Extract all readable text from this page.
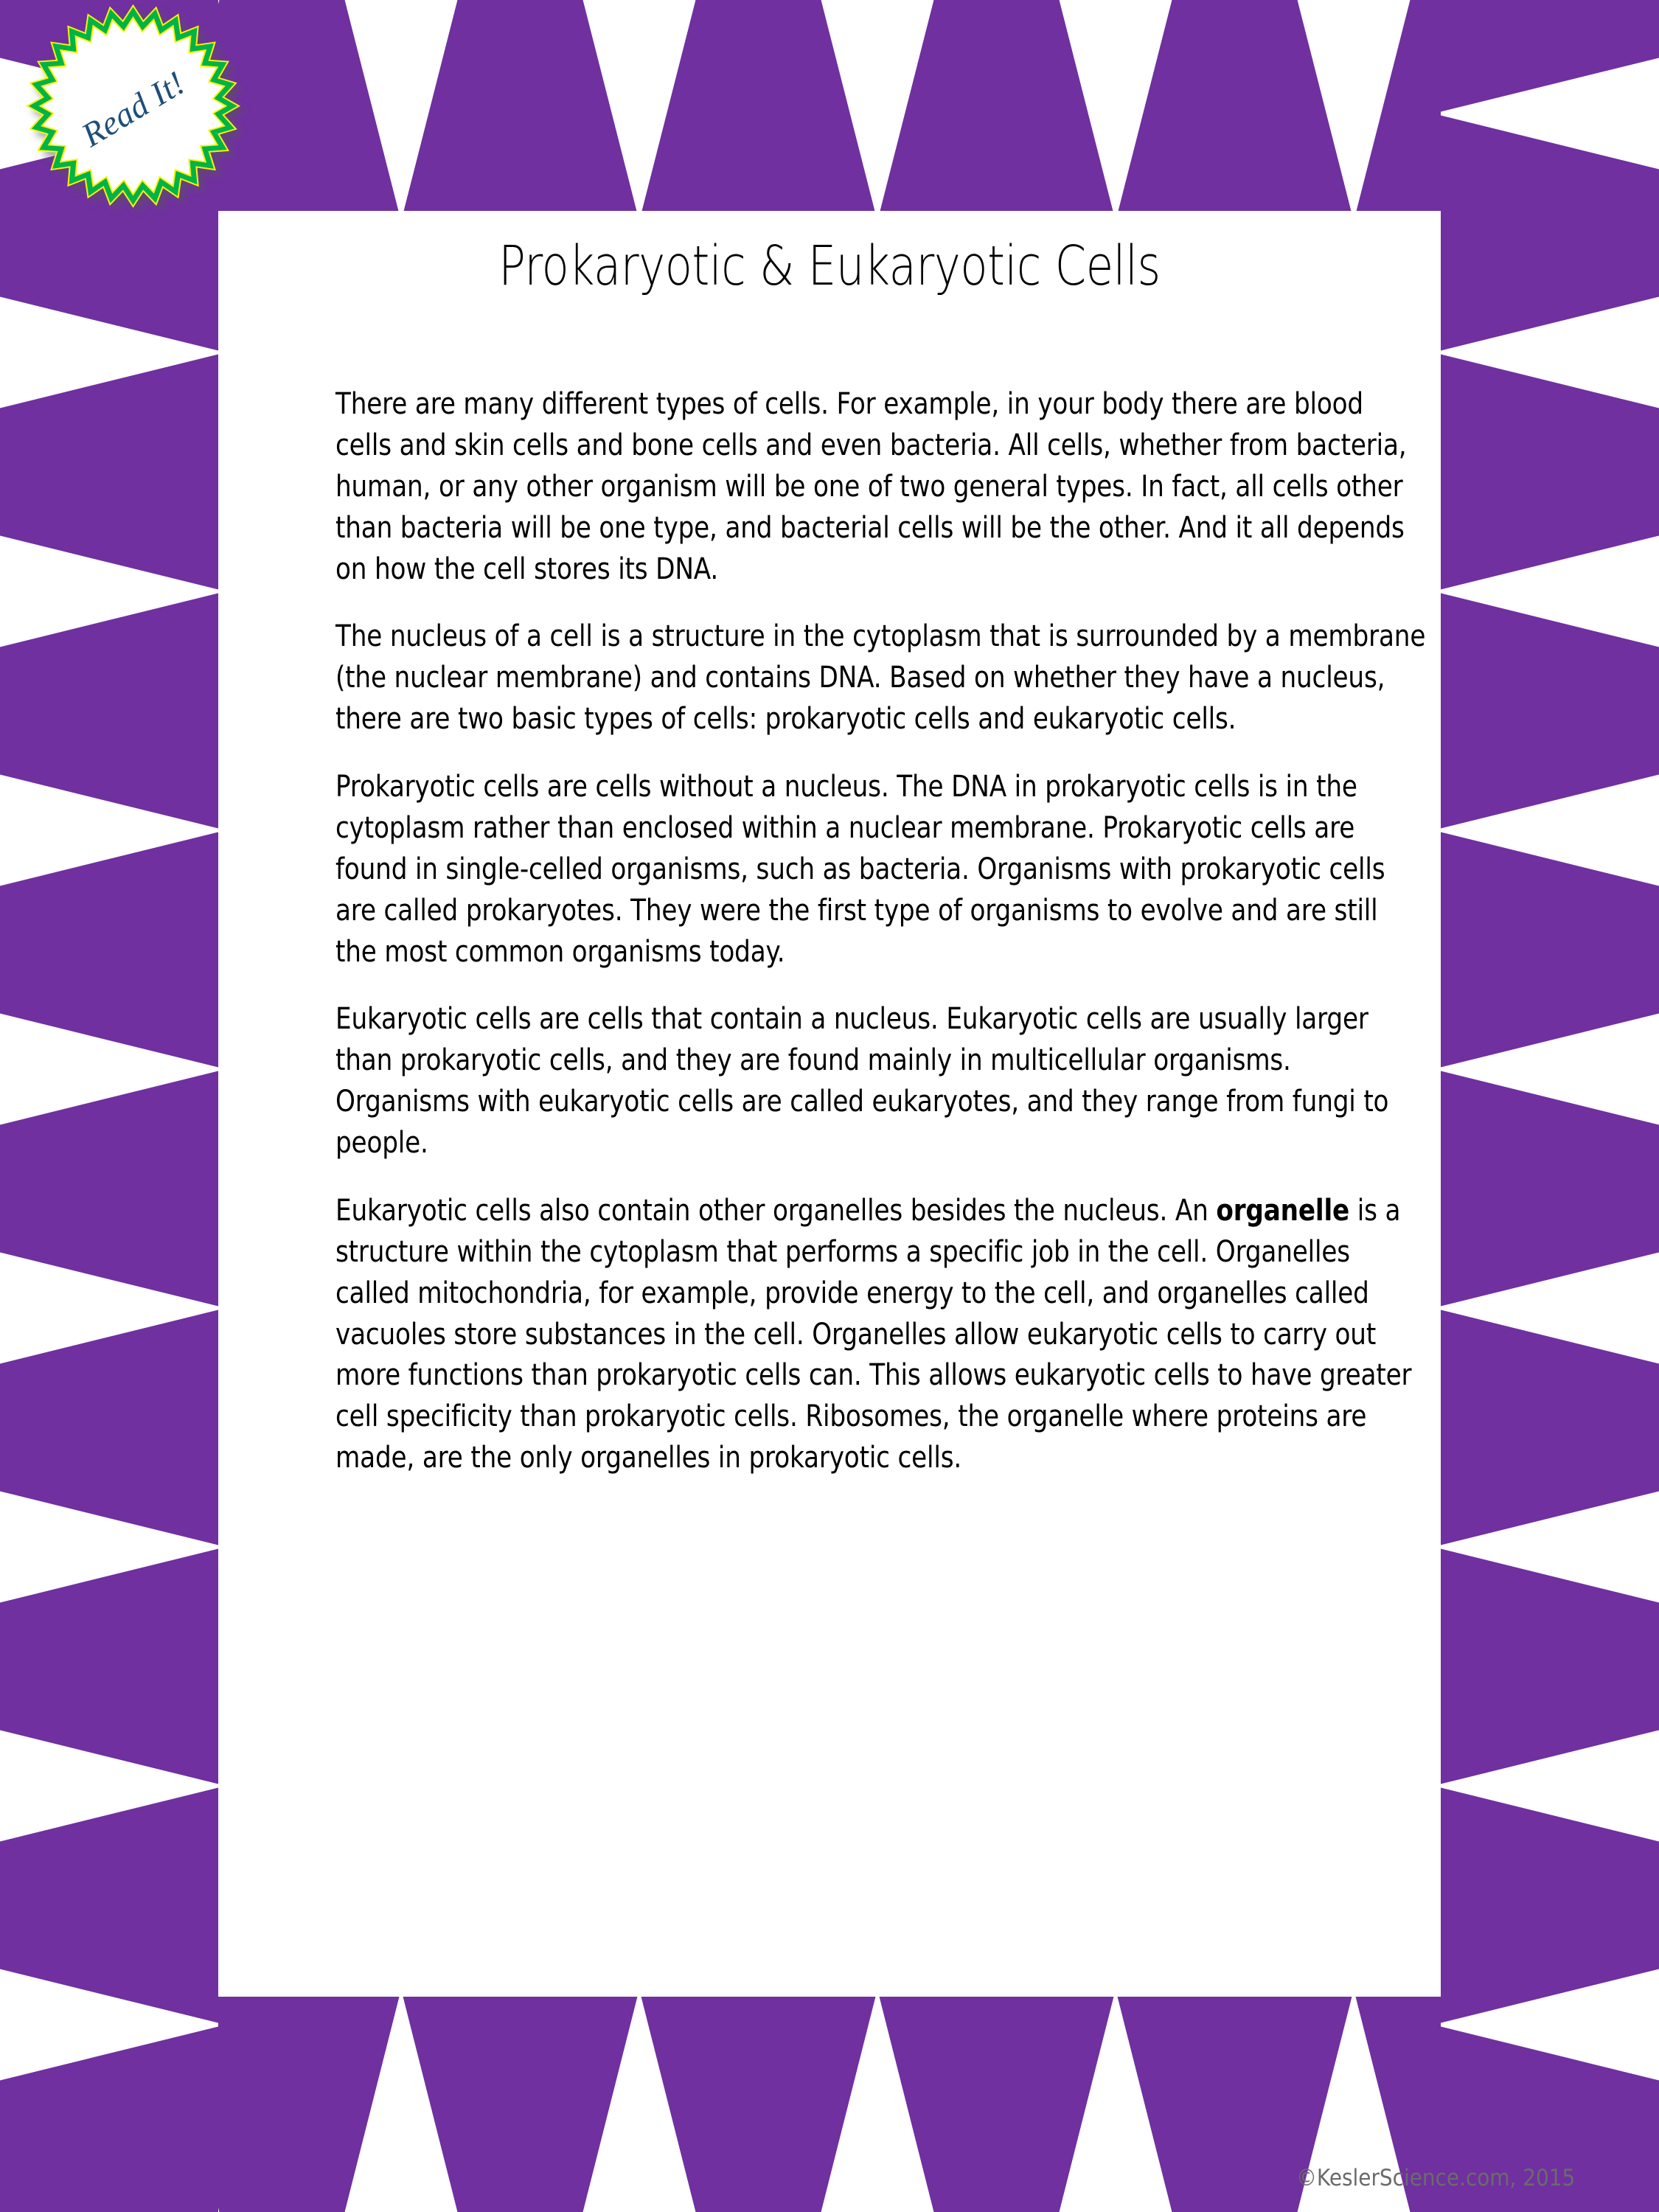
Prokaryotic & Eukaryotic Cells

There are many different types of cells. For example, in your body there are blood cells and skin cells and bone cells and even bacteria. All cells, whether from bacteria, human, or any other organism will be one of two general types. In fact, all cells other than bacteria will be one type, and bacterial cells will be the other. And it all depends on how the cell stores its DNA.

The nucleus of a cell is a structure in the cytoplasm that is surrounded by a membrane (the nuclear membrane) and contains DNA. Based on whether they have a nucleus, there are two basic types of cells: prokaryotic cells and eukaryotic cells.

Prokaryotic cells are cells without a nucleus. The DNA in prokaryotic cells is in the cytoplasm rather than enclosed within a nuclear membrane. Prokaryotic cells are found in single-celled organisms, such as bacteria. Organisms with prokaryotic cells are called prokaryotes. They were the first type of organisms to evolve and are still the most common organisms today.

Eukaryotic cells are cells that contain a nucleus. Eukaryotic cells are usually larger than prokaryotic cells, and they are found mainly in multicellular organisms. Organisms with eukaryotic cells are called eukaryotes, and they range from fungi to people.

Eukaryotic cells also contain other organelles besides the nucleus. An organelle is a structure within the cytoplasm that performs a specific job in the cell. Organelles called mitochondria, for example, provide energy to the cell, and organelles called vacuoles store substances in the cell. Organelles allow eukaryotic cells to carry out more functions than prokaryotic cells can. This allows eukaryotic cells to have greater cell specificity than prokaryotic cells. Ribosomes, the organelle where proteins are made, are the only organelles in prokaryotic cells.

Read It!
©KeslerScience.com, 2015
